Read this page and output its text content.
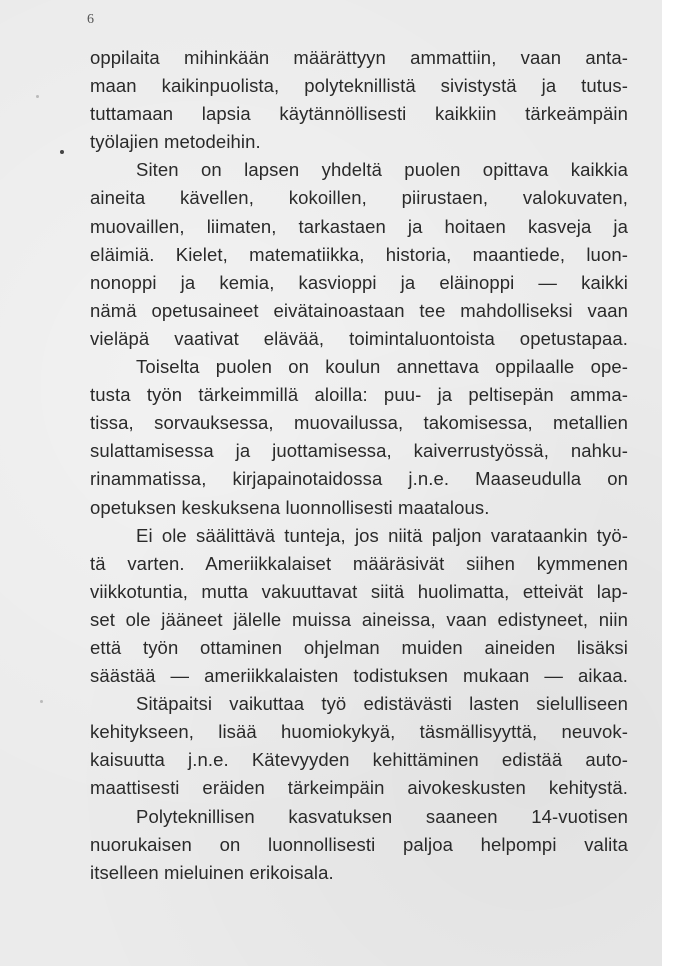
6
oppilaita mihinkään määrättyyn ammattiin, vaan anta-
maan kaikinpuolista, polyteknillistä sivistystä ja tutus-
tuttamaan lapsia käytännöllisesti kaikkiin tärkeämpäin
työlajien metodeihin.
Siten on lapsen yhdeltä puolen opittava kaikkia
aineita kävellen, kokoillen, piirustaen, valokuvaten,
muovaillen, liimaten, tarkastaen ja hoitaen kasveja ja
eläimiä. Kielet, matematiikka, historia, maantiede, luon-
nonoppi ja kemia, kasvioppi ja eläinoppi — kaikki
nämä opetusaineet eivätainoastaan tee mahdolliseksi vaan
vieläpä vaativat elävää, toimintaluontoista opetustapaa.
Toiselta puolen on koulun annettava oppilaalle ope-
tusta työn tärkeimmillä aloilla: puu- ja peltisepän amma-
tissa, sorvauksessa, muovailussa, takomisessa, metallien
sulattamisessa ja juottamisessa, kaiverrustyössä, nahku-
rinammatissa, kirjapainotaidossa j.n.e. Maaseudulla on
opetuksen keskuksena luonnollisesti maatalous.
Ei ole säälittävä tunteja, jos niitä paljon varataankin työ-
tä varten. Ameriikkalaiset määräsivät siihen kymmenen
viikkotuntia, mutta vakuuttavat siitä huolimatta, etteivät lap-
set ole jääneet jälelle muissa aineissa, vaan edistyneet, niin
että työn ottaminen ohjelman muiden aineiden lisäksi
säästää — ameriikkalaisten todistuksen mukaan — aikaa.
Sitäpaitsi vaikuttaa työ edistävästi lasten sielulliseen
kehitykseen, lisää huomiokykyä, täsmällisyyttä, neuvok-
kaisuutta j.n.e. Kätevyyden kehittäminen edistää auto-
maattisesti eräiden tärkeimpäin aivokeskusten kehitystä.
Polyteknillisen kasvatuksen saaneen 14-vuotisen
nuorukaisen on luonnollisesti paljoa helpompi valita
itselleen mieluinen erikoisala.
